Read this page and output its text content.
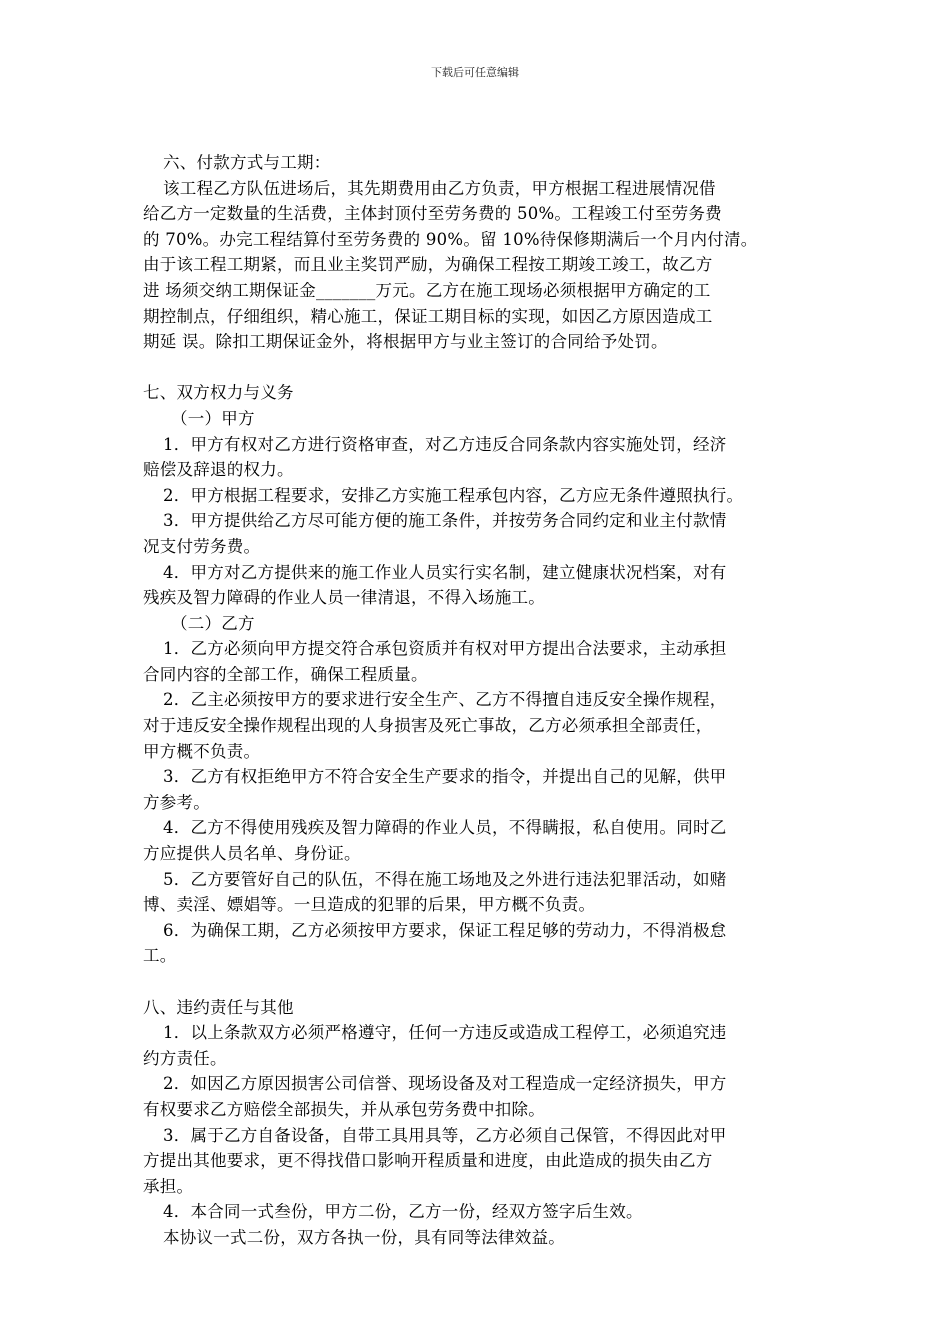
下载后可任意编辑

六、付款方式与工期：

该工程乙方队伍进场后，其先期费用由乙方负责，甲方根据工程进展情况借

给乙方一定数量的生活费，主体封顶付至劳务费的 50%。工程竣工付至劳务费

的 70%。办完工程结算付至劳务费的 90%。留 10%待保修期满后一个月内付清。

由于该工程工期紧，而且业主奖罚严励，为确保工程按工期竣工竣工，故乙方

进 场须交纳工期保证金_______万元。乙方在施工现场必须根据甲方确定的工

期控制点，仔细组织，精心施工，保证工期目标的实现，如因乙方原因造成工

期延 误。除扣工期保证金外，将根据甲方与业主签订的合同给予处罚。

七、双方权力与义务

（一）甲方

1．甲方有权对乙方进行资格审查，对乙方违反合同条款内容实施处罚，经济

赔偿及辞退的权力。

2．甲方根据工程要求，安排乙方实施工程承包内容，乙方应无条件遵照执行。

3．甲方提供给乙方尽可能方便的施工条件，并按劳务合同约定和业主付款情

况支付劳务费。

4．甲方对乙方提供来的施工作业人员实行实名制，建立健康状况档案，对有

残疾及智力障碍的作业人员一律清退，不得入场施工。

（二）乙方

1．乙方必须向甲方提交符合承包资质并有权对甲方提出合法要求，主动承担

合同内容的全部工作，确保工程质量。

2．乙主必须按甲方的要求进行安全生产、乙方不得擅自违反安全操作规程，

对于违反安全操作规程出现的人身损害及死亡事故，乙方必须承担全部责任，

甲方概不负责。

3．乙方有权拒绝甲方不符合安全生产要求的指令，并提出自己的见解，供甲

方参考。

4．乙方不得使用残疾及智力障碍的作业人员，不得瞒报，私自使用。同时乙

方应提供人员名单、身份证。

5．乙方要管好自己的队伍，不得在施工场地及之外进行违法犯罪活动，如赌

博、卖淫、嫖娼等。一旦造成的犯罪的后果，甲方概不负责。

6．为确保工期，乙方必须按甲方要求，保证工程足够的劳动力，不得消极怠

工。

八、违约责任与其他

1．以上条款双方必须严格遵守，任何一方违反或造成工程停工，必须追究违

约方责任。

2．如因乙方原因损害公司信誉、现场设备及对工程造成一定经济损失，甲方

有权要求乙方赔偿全部损失，并从承包劳务费中扣除。

3．属于乙方自备设备，自带工具用具等，乙方必须自己保管，不得因此对甲

方提出其他要求，更不得找借口影响开程质量和进度，由此造成的损失由乙方

承担。

4．本合同一式叁份，甲方二份，乙方一份，经双方签字后生效。

本协议一式二份，双方各执一份，具有同等法律效益。
